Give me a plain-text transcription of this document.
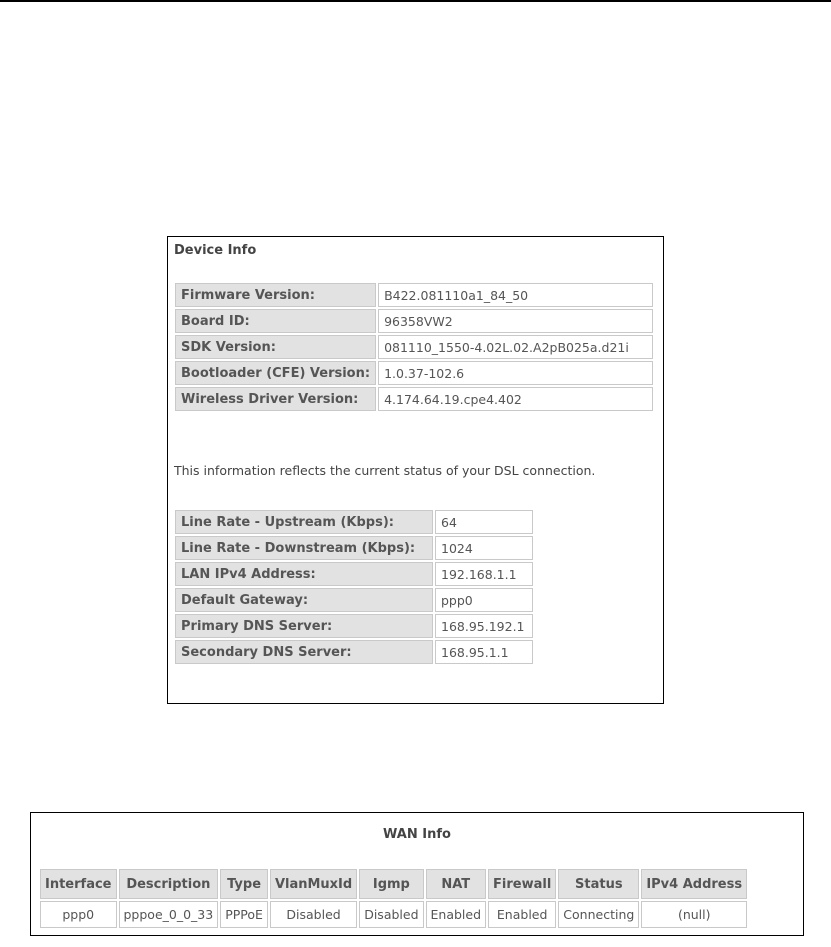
Device Info
Firmware Version:	B422.081110a1_84_50
Board ID:	96358VW2
SDK Version:	081110_1550-4.02L.02.A2pB025a.d21i
Bootloader (CFE) Version:	1.0.37-102.6
Wireless Driver Version:	4.174.64.19.cpe4.402
This information reflects the current status of your DSL connection.
Line Rate - Upstream (Kbps):	64
Line Rate - Downstream (Kbps):	1024
LAN IPv4 Address:	192.168.1.1
Default Gateway:	ppp0
Primary DNS Server:	168.95.192.1
Secondary DNS Server:	168.95.1.1
WAN Info
Interface	Description	Type	VlanMuxId	Igmp	NAT	Firewall	Status	IPv4 Address
ppp0	pppoe_0_0_33	PPPoE	Disabled	Disabled	Enabled	Enabled	Connecting	(null)
